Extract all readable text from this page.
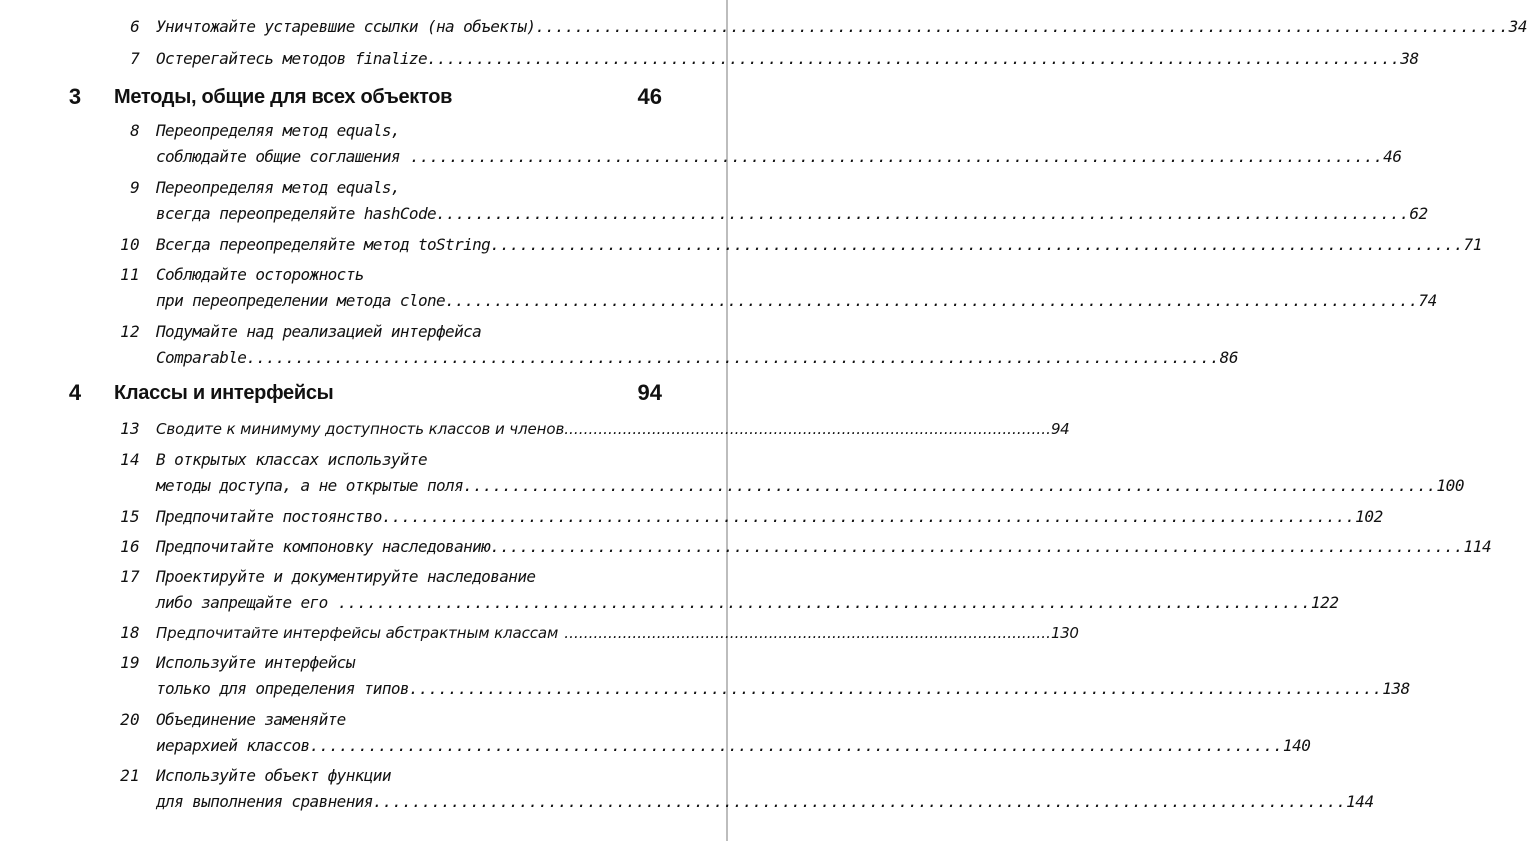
6 Уничтожайте устаревшие ссылки (на объекты) .................................................................................................... 34
7 Остерегайтесь методов finalize .................................................................................................... 38
3 Методы, общие для всех объектов	46
8 Переопределяя метод equals,
соблюдайте общие соглашения .................................................................................................... 46
9 Переопределяя метод equals,
всегда переопределяйте hashCode .................................................................................................... 62
10 Всегда переопределяйте метод toString .................................................................................................... 71
11 Соблюдайте осторожность
при переопределении метода clone .................................................................................................... 74
12 Подумайте над реализацией интерфейса
Comparable .................................................................................................... 86
4 Классы и интерфейсы	94
13 Сводите к минимуму доступность классов и членов .................................................................................................... 94
14 В открытых классах используйте
методы доступа, а не открытые поля .................................................................................................... 100
15 Предпочитайте постоянство .................................................................................................... 102
16 Предпочитайте компоновку наследованию .................................................................................................... 114
17 Проектируйте и документируйте наследование
либо запрещайте его .................................................................................................... 122
18 Предпочитайте интерфейсы абстрактным классам .................................................................................................... 130
19 Используйте интерфейсы
только для определения типов .................................................................................................... 138
20 Объединение заменяйте
иерархией классов .................................................................................................... 140
21 Используйте объект функции
для выполнения сравнения .................................................................................................... 144
